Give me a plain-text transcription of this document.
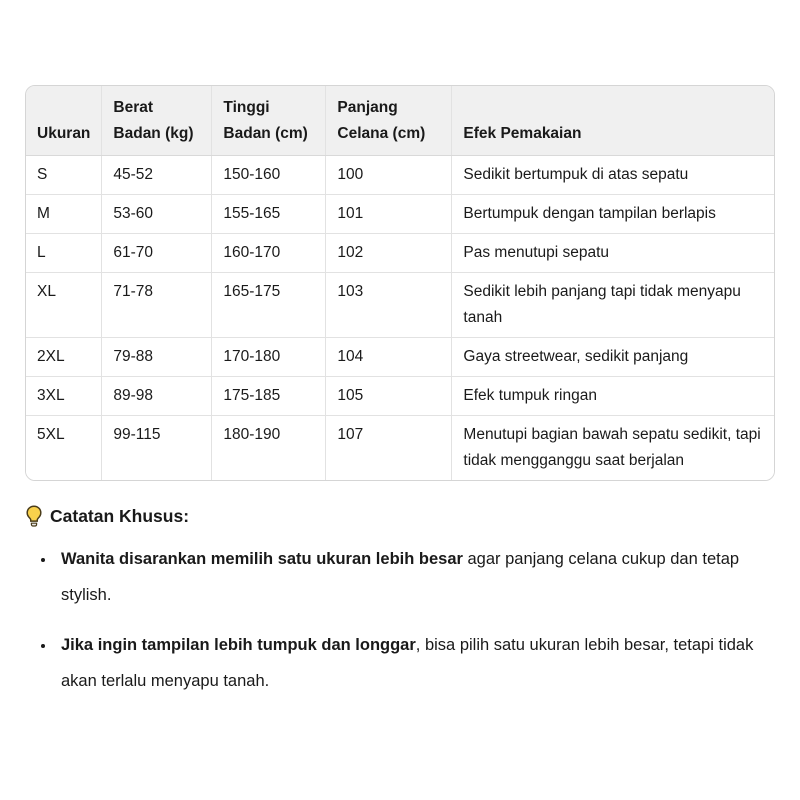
Ukuran	Berat Badan (kg)	Tinggi Badan (cm)	Panjang Celana (cm)	Efek Pemakaian
S	45-52	150-160	100	Sedikit bertumpuk di atas sepatu
M	53-60	155-165	101	Bertumpuk dengan tampilan berlapis
L	61-70	160-170	102	Pas menutupi sepatu
XL	71-78	165-175	103	Sedikit lebih panjang tapi tidak menyapu tanah
2XL	79-88	170-180	104	Gaya streetwear, sedikit panjang
3XL	89-98	175-185	105	Efek tumpuk ringan
5XL	99-115	180-190	107	Menutupi bagian bawah sepatu sedikit, tapi tidak mengganggu saat berjalan
Catatan Khusus:
• Wanita disarankan memilih satu ukuran lebih besar agar panjang celana cukup dan tetap stylish.
• Jika ingin tampilan lebih tumpuk dan longgar, bisa pilih satu ukuran lebih besar, tetapi tidak akan terlalu menyapu tanah.
